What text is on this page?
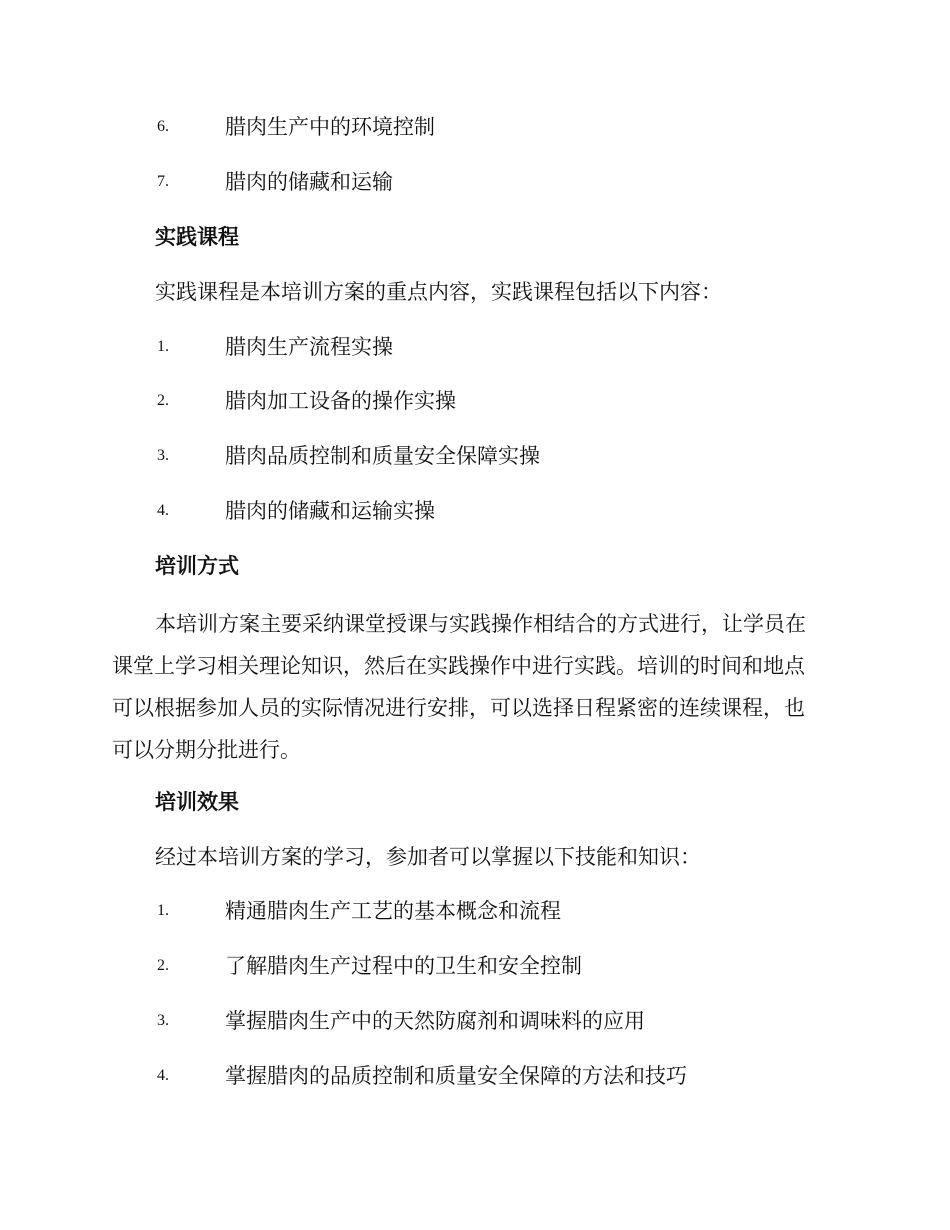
6.	腊肉生产中的环境控制
7.	腊肉的储藏和运输
实践课程
实践课程是本培训方案的重点内容，实践课程包括以下内容：
1.	腊肉生产流程实操
2.	腊肉加工设备的操作实操
3.	腊肉品质控制和质量安全保障实操
4.	腊肉的储藏和运输实操
培训方式
本培训方案主要采纳课堂授课与实践操作相结合的方式进行，让学员在
课堂上学习相关理论知识，然后在实践操作中进行实践。培训的时间和地点
可以根据参加人员的实际情况进行安排，可以选择日程紧密的连续课程，也
可以分期分批进行。
培训效果
经过本培训方案的学习，参加者可以掌握以下技能和知识：
1.	精通腊肉生产工艺的基本概念和流程
2.	了解腊肉生产过程中的卫生和安全控制
3.	掌握腊肉生产中的天然防腐剂和调味料的应用
4.	掌握腊肉的品质控制和质量安全保障的方法和技巧
